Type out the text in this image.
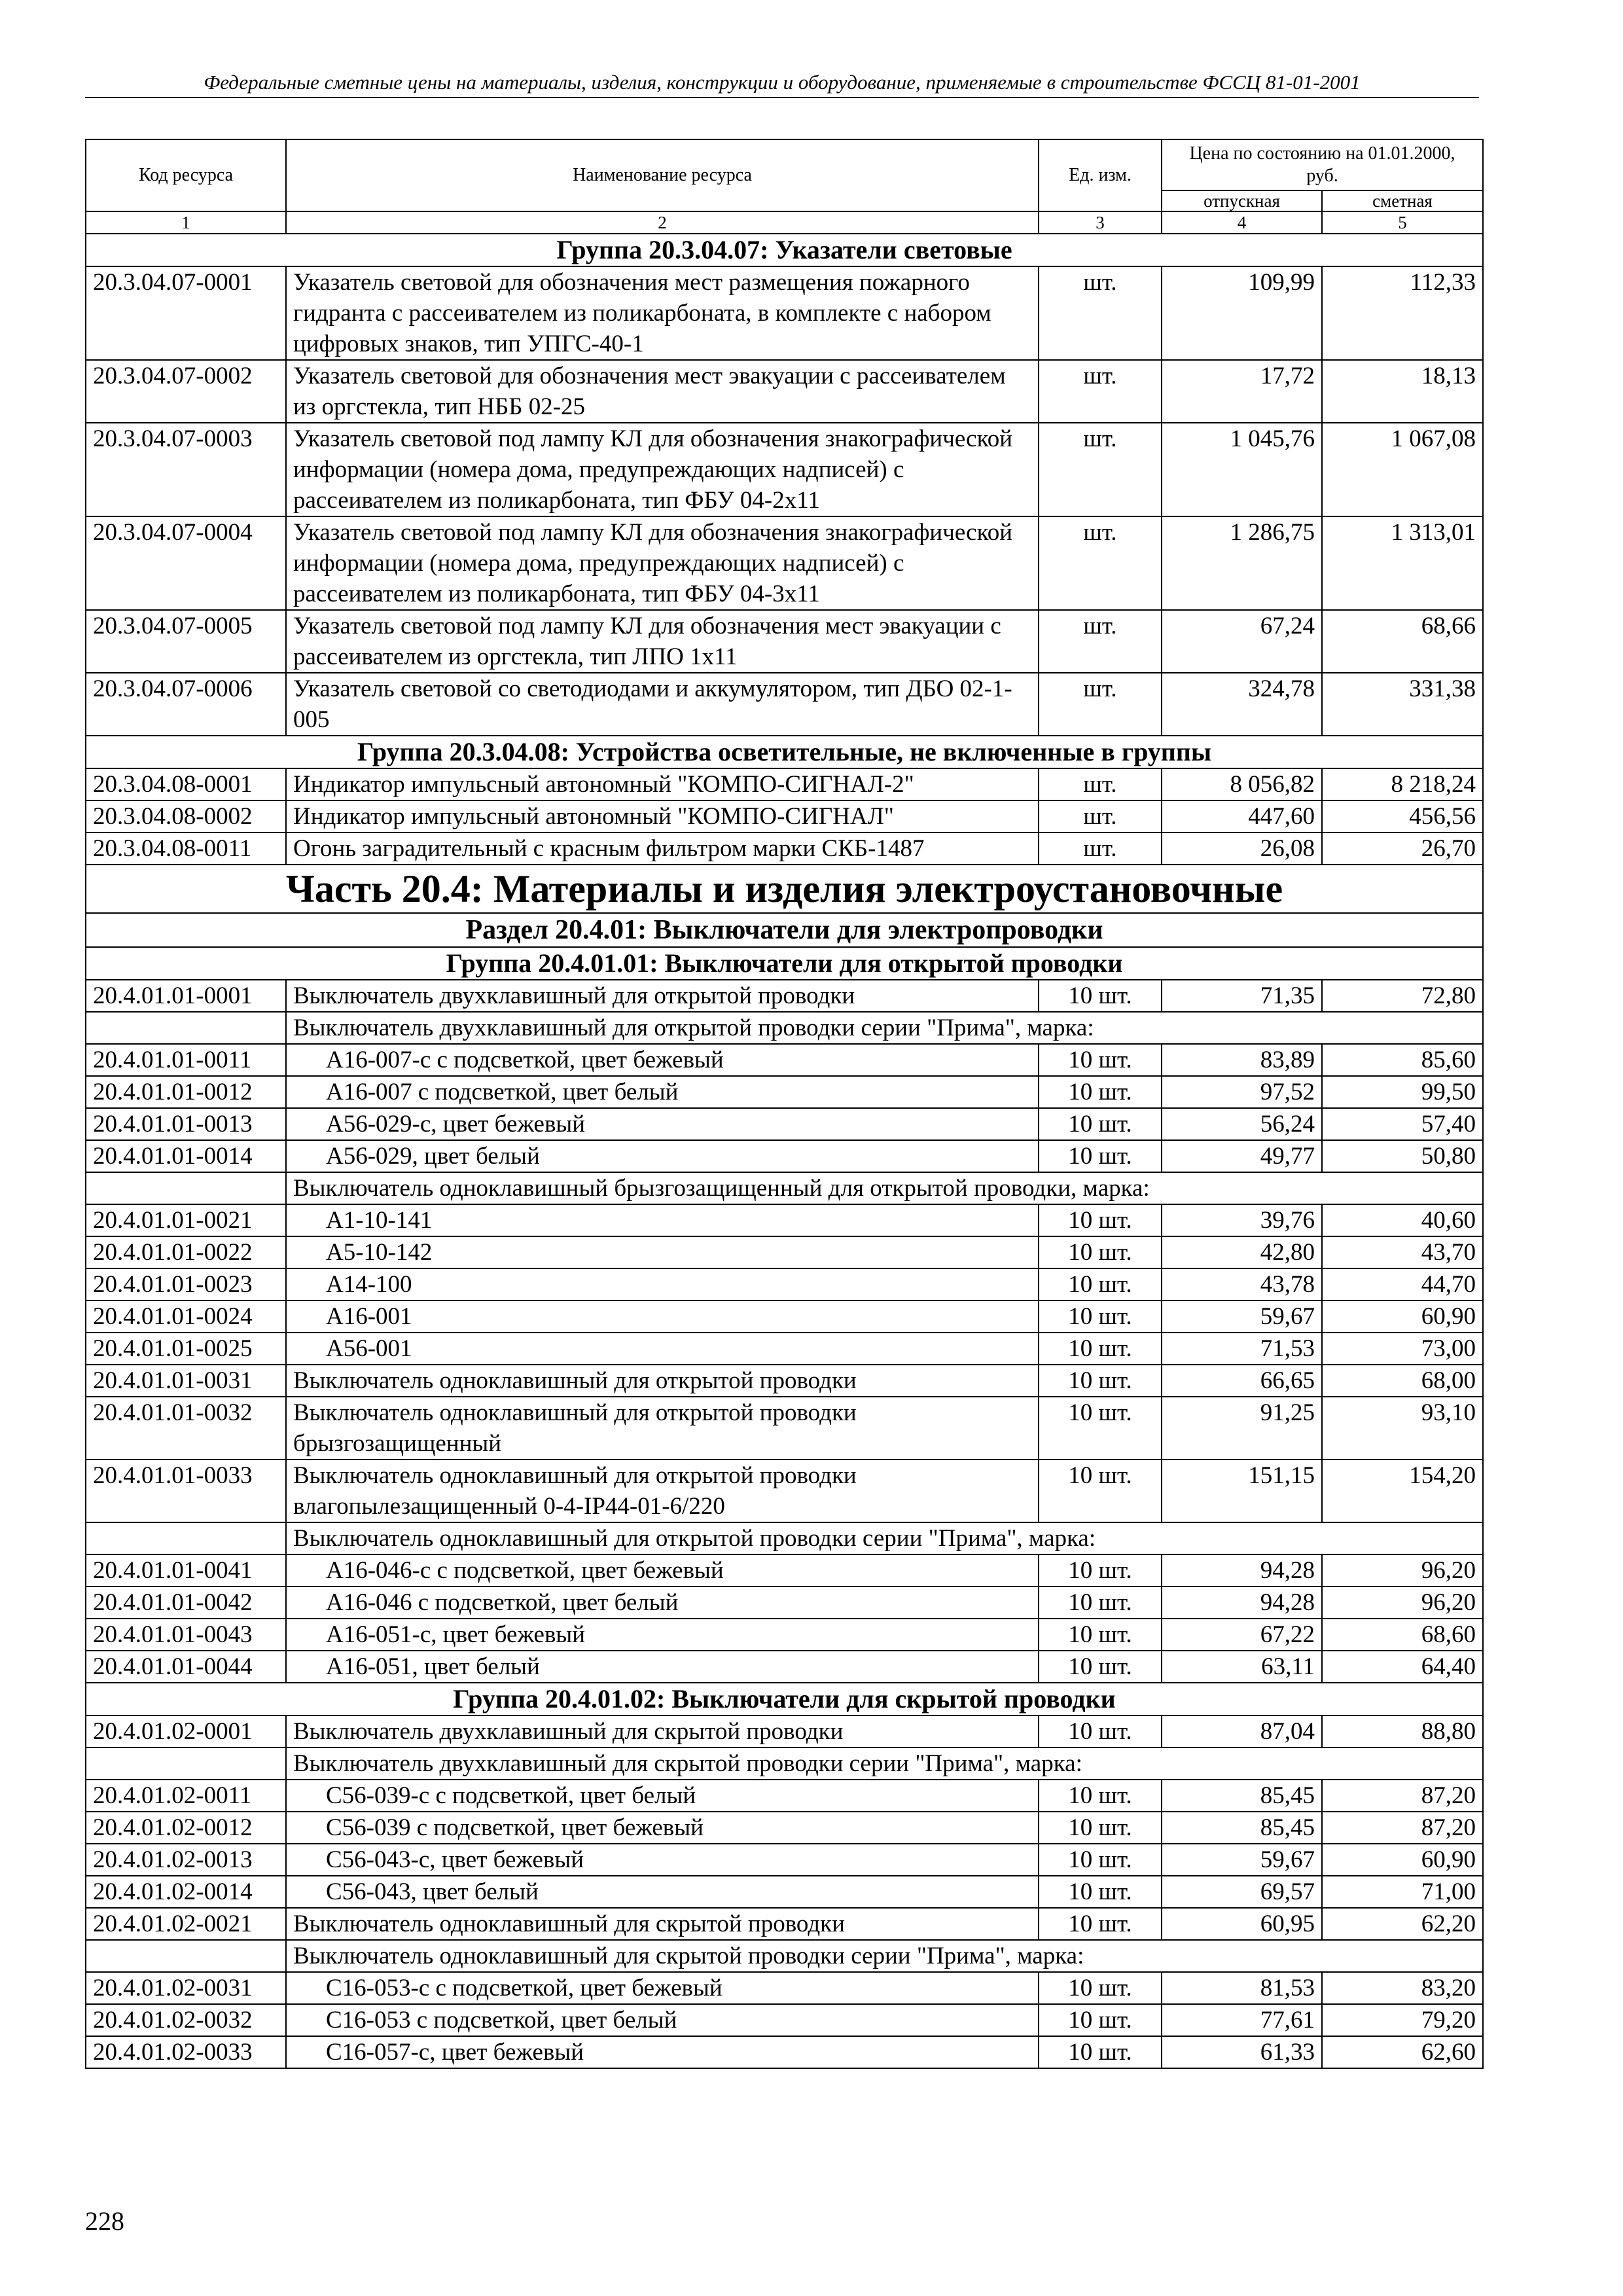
Федеральные сметные цены на материалы, изделия, конструкции и оборудование, применяемые в строительстве ФССЦ 81-01-2001
Код ресурса	Наименование ресурса	Ед. изм.	Цена по состоянию на 01.01.2000, руб.	
			отпускная	сметная
1	2	3	4	5
Группа 20.3.04.07: Указатели световые				
20.3.04.07-0001	Указатель световой для обозначения мест размещения пожарного гидранта с рассеивателем из поликарбоната, в комплекте с набором цифровых знаков, тип УПГС-40-1	шт.	109,99	112,33
20.3.04.07-0002	Указатель световой для обозначения мест эвакуации с рассеивателем из оргстекла, тип НББ 02-25	шт.	17,72	18,13
20.3.04.07-0003	Указатель световой под лампу КЛ для обозначения знакографической информации (номера дома, предупреждающих надписей) с рассеивателем из поликарбоната, тип ФБУ 04-2х11	шт.	1 045,76	1 067,08
20.3.04.07-0004	Указатель световой под лампу КЛ для обозначения знакографической информации (номера дома, предупреждающих надписей) с рассеивателем из поликарбоната, тип ФБУ 04-3х11	шт.	1 286,75	1 313,01
20.3.04.07-0005	Указатель световой под лампу КЛ для обозначения мест эвакуации с рассеивателем из оргстекла, тип ЛПО 1х11	шт.	67,24	68,66
20.3.04.07-0006	Указатель световой со светодиодами и аккумулятором, тип ДБО 02-1-005	шт.	324,78	331,38
Группа 20.3.04.08: Устройства осветительные, не включенные в группы				
20.3.04.08-0001	Индикатор импульсный автономный "КОМПО-СИГНАЛ-2"	шт.	8 056,82	8 218,24
20.3.04.08-0002	Индикатор импульсный автономный "КОМПО-СИГНАЛ"	шт.	447,60	456,56
20.3.04.08-0011	Огонь заградительный с красным фильтром марки СКБ-1487	шт.	26,08	26,70
Часть 20.4: Материалы и изделия электроустановочные				
Раздел 20.4.01: Выключатели для электропроводки				
Группа 20.4.01.01: Выключатели для открытой проводки				
20.4.01.01-0001	Выключатель двухклавишный для открытой проводки	10 шт.	71,35	72,80
	Выключатель двухклавишный для открытой проводки серии "Прима", марка:			
20.4.01.01-0011	А16-007-с с подсветкой, цвет бежевый	10 шт.	83,89	85,60
20.4.01.01-0012	А16-007 с подсветкой, цвет белый	10 шт.	97,52	99,50
20.4.01.01-0013	А56-029-с, цвет бежевый	10 шт.	56,24	57,40
20.4.01.01-0014	А56-029, цвет белый	10 шт.	49,77	50,80
	Выключатель одноклавишный брызгозащищенный для открытой проводки, марка:			
20.4.01.01-0021	А1-10-141	10 шт.	39,76	40,60
20.4.01.01-0022	А5-10-142	10 шт.	42,80	43,70
20.4.01.01-0023	А14-100	10 шт.	43,78	44,70
20.4.01.01-0024	А16-001	10 шт.	59,67	60,90
20.4.01.01-0025	А56-001	10 шт.	71,53	73,00
20.4.01.01-0031	Выключатель одноклавишный для открытой проводки	10 шт.	66,65	68,00
20.4.01.01-0032	Выключатель одноклавишный для открытой проводки брызгозащищенный	10 шт.	91,25	93,10
20.4.01.01-0033	Выключатель одноклавишный для открытой проводки влагопылезащищенный 0-4-IP44-01-6/220	10 шт.	151,15	154,20
	Выключатель одноклавишный для открытой проводки серии "Прима", марка:			
20.4.01.01-0041	А16-046-с с подсветкой, цвет бежевый	10 шт.	94,28	96,20
20.4.01.01-0042	А16-046 с подсветкой, цвет белый	10 шт.	94,28	96,20
20.4.01.01-0043	А16-051-с, цвет бежевый	10 шт.	67,22	68,60
20.4.01.01-0044	А16-051, цвет белый	10 шт.	63,11	64,40
Группа 20.4.01.02: Выключатели для скрытой проводки				
20.4.01.02-0001	Выключатель двухклавишный для скрытой проводки	10 шт.	87,04	88,80
	Выключатель двухклавишный для скрытой проводки серии "Прима", марка:			
20.4.01.02-0011	С56-039-с с подсветкой, цвет белый	10 шт.	85,45	87,20
20.4.01.02-0012	С56-039 с подсветкой, цвет бежевый	10 шт.	85,45	87,20
20.4.01.02-0013	С56-043-с, цвет бежевый	10 шт.	59,67	60,90
20.4.01.02-0014	С56-043, цвет белый	10 шт.	69,57	71,00
20.4.01.02-0021	Выключатель одноклавишный для скрытой проводки	10 шт.	60,95	62,20
	Выключатель одноклавишный для скрытой проводки серии "Прима", марка:			
20.4.01.02-0031	С16-053-с с подсветкой, цвет бежевый	10 шт.	81,53	83,20
20.4.01.02-0032	С16-053 с подсветкой, цвет белый	10 шт.	77,61	79,20
20.4.01.02-0033	С16-057-с, цвет бежевый	10 шт.	61,33	62,60
228
